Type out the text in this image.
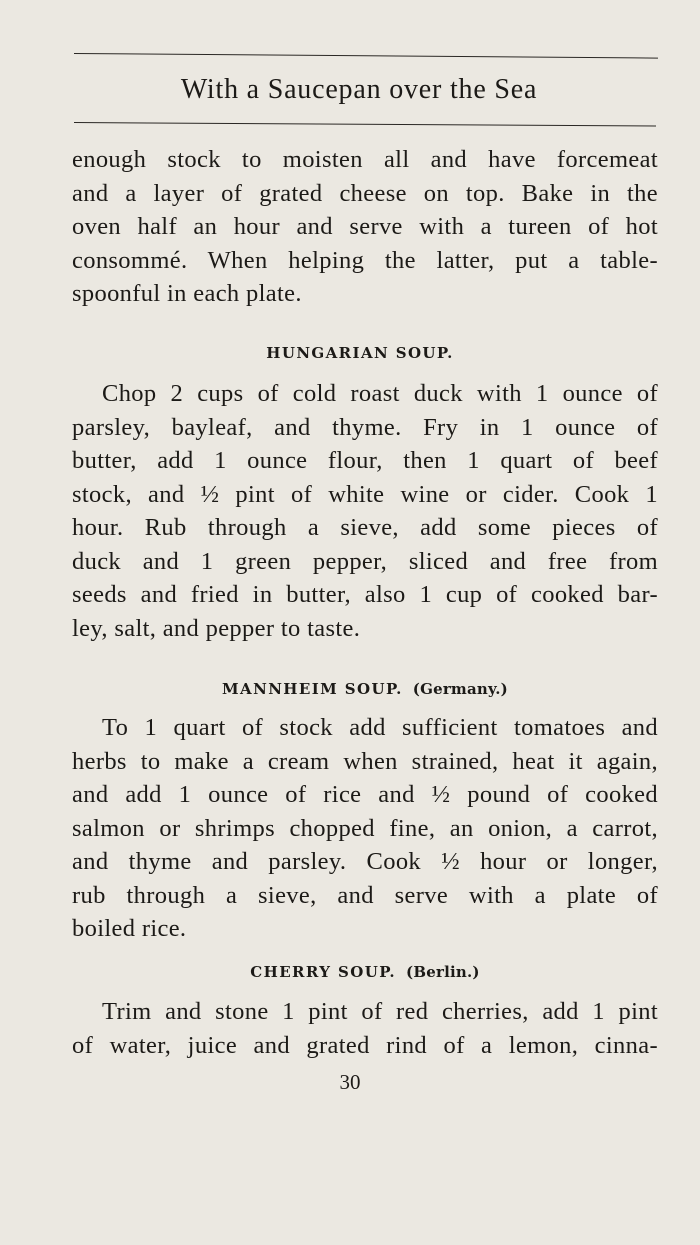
With a Saucepan over the Sea
enough stock to moisten all and have forcemeat
and a layer of grated cheese on top. Bake in the
oven half an hour and serve with a tureen of hot
consommé. When helping the latter, put a table-
spoonful in each plate.
HUNGARIAN SOUP.
Chop 2 cups of cold roast duck with 1 ounce of
parsley, bayleaf, and thyme. Fry in 1 ounce of
butter, add 1 ounce flour, then 1 quart of beef
stock, and ½ pint of white wine or cider. Cook 1
hour. Rub through a sieve, add some pieces of
duck and 1 green pepper, sliced and free from
seeds and fried in butter, also 1 cup of cooked bar-
ley, salt, and pepper to taste.
MANNHEIM SOUP. (Germany.)
To 1 quart of stock add sufficient tomatoes and
herbs to make a cream when strained, heat it again,
and add 1 ounce of rice and ½ pound of cooked
salmon or shrimps chopped fine, an onion, a carrot,
and thyme and parsley. Cook ½ hour or longer,
rub through a sieve, and serve with a plate of
boiled rice.
CHERRY SOUP. (Berlin.)
Trim and stone 1 pint of red cherries, add 1 pint
of water, juice and grated rind of a lemon, cinna-
30
